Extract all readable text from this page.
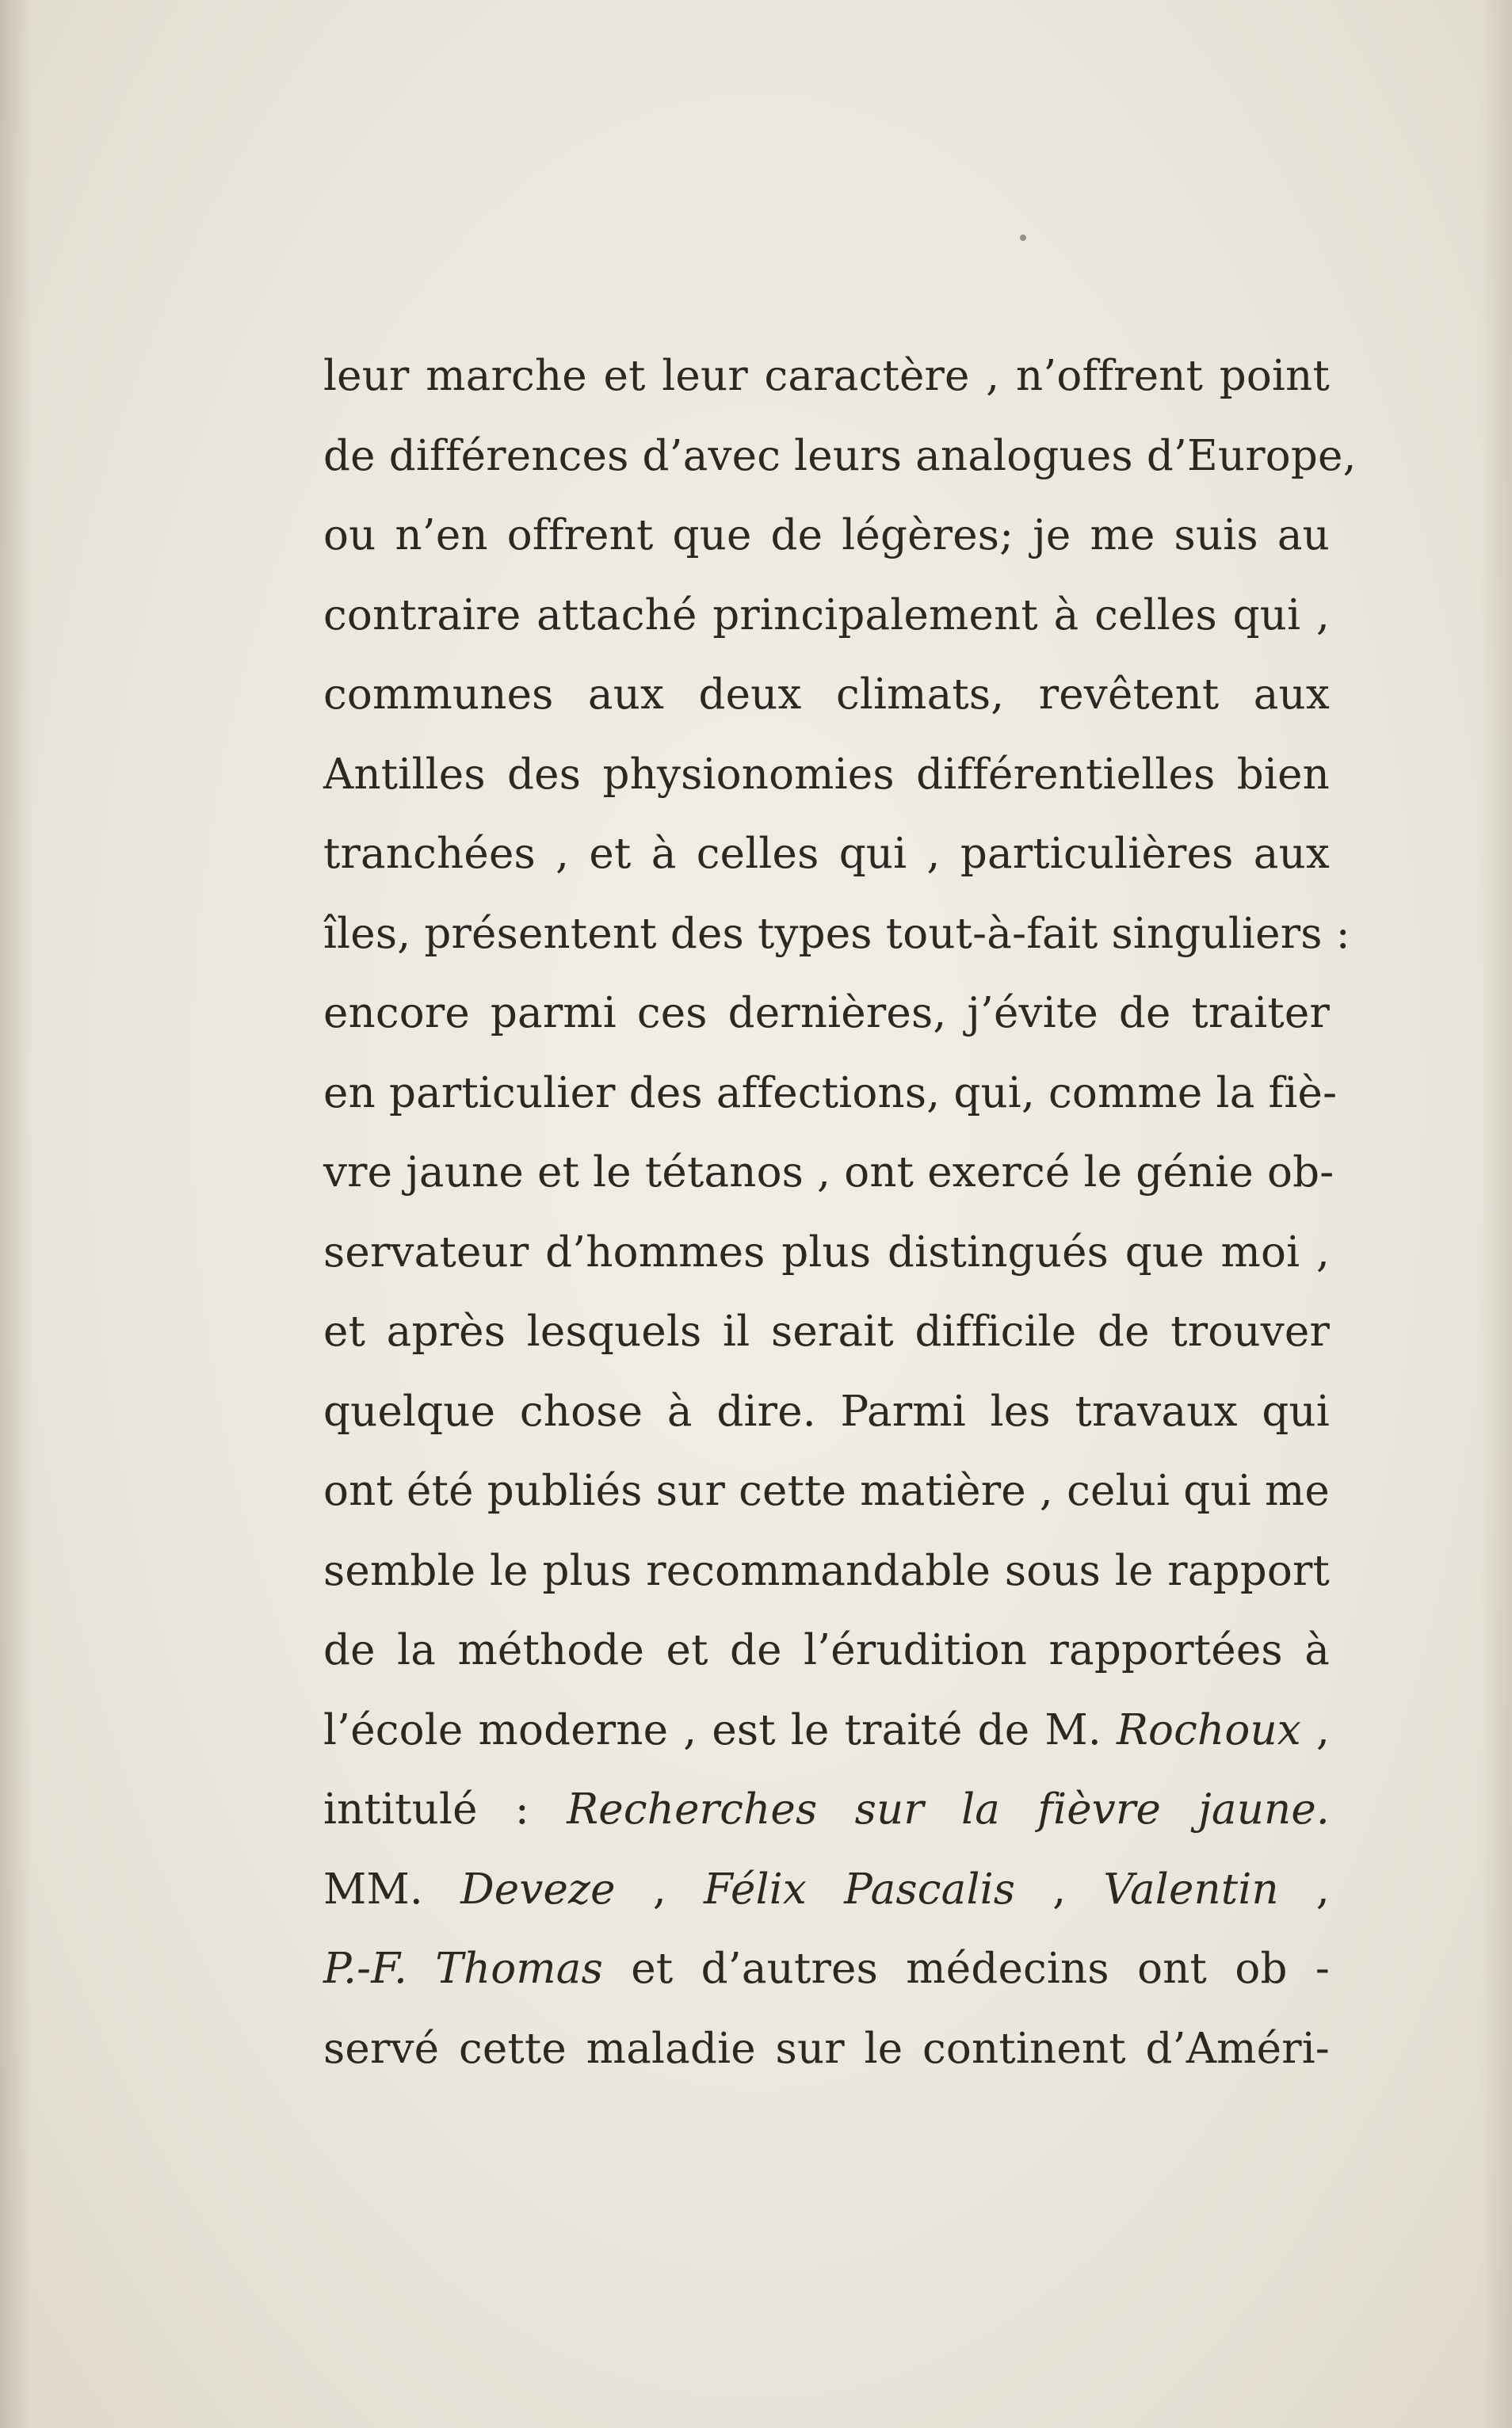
leur marche et leur caractère , n’offrent point
de différences d’avec leurs analogues d’Europe,
ou n’en offrent que de légères; je me suis au
contraire attaché principalement à celles qui ,
communes aux deux climats, revêtent aux
Antilles des physionomies différentielles bien
tranchées , et à celles qui , particulières aux
îles, présentent des types tout-à-fait singuliers :
encore parmi ces dernières, j’évite de traiter
en particulier des affections, qui, comme la fiè-
vre jaune et le tétanos , ont exercé le génie ob-
servateur d’hommes plus distingués que moi ,
et après lesquels il serait difficile de trouver
quelque chose à dire. Parmi les travaux qui
ont été publiés sur cette matière , celui qui me
semble le plus recommandable sous le rapport
de la méthode et de l’érudition rapportées à
l’école moderne , est le traité de M. Rochoux ,
intitulé : Recherches sur la fièvre jaune.
MM. Deveze , Félix Pascalis , Valentin ,
P.-F. Thomas et d’autres médecins ont ob -
servé cette maladie sur le continent d’Améri-
